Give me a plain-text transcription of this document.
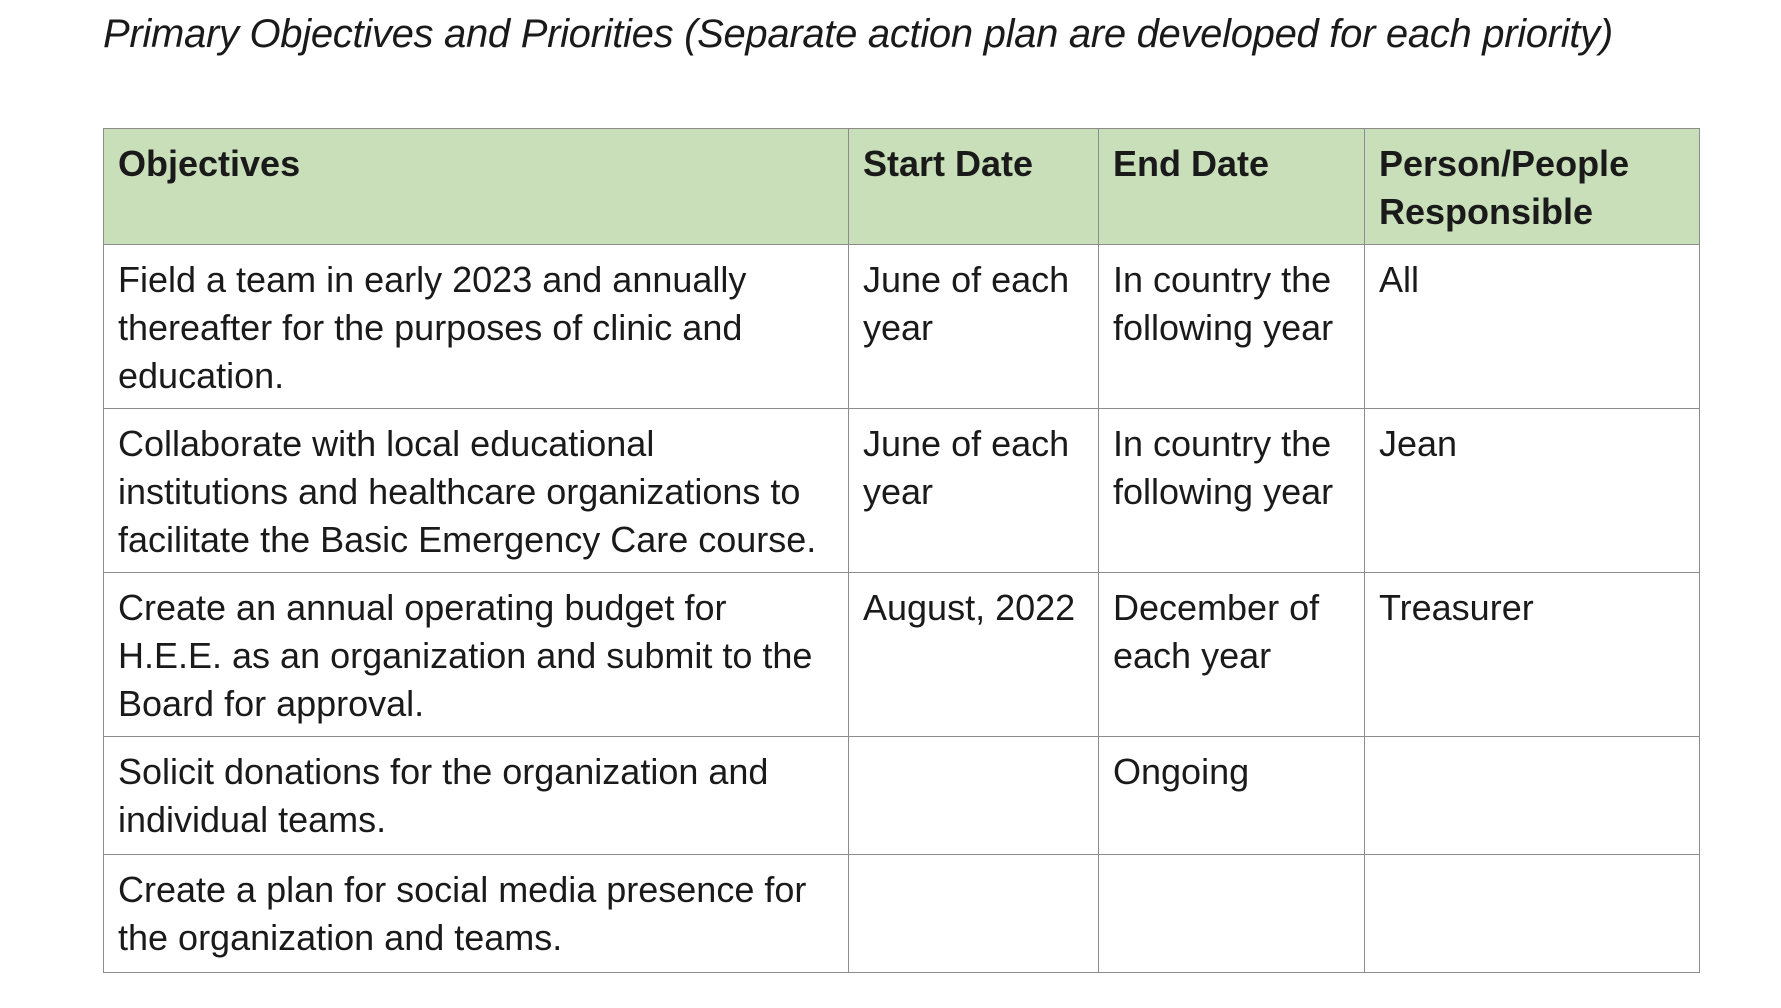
Primary Objectives and Priorities (Separate action plan are developed for each priority)
Objectives	Start Date	End Date	Person/People Responsible
Field a team in early 2023 and annually thereafter for the purposes of clinic and education.	June of each year	In country the following year	All
Collaborate with local educational institutions and healthcare organizations to facilitate the Basic Emergency Care course.	June of each year	In country the following year	Jean
Create an annual operating budget for H.E.E. as an organization and submit to the Board for approval.	August, 2022	December of each year	Treasurer
Solicit donations for the organization and individual teams.		Ongoing	
Create a plan for social media presence for the organization and teams.			
